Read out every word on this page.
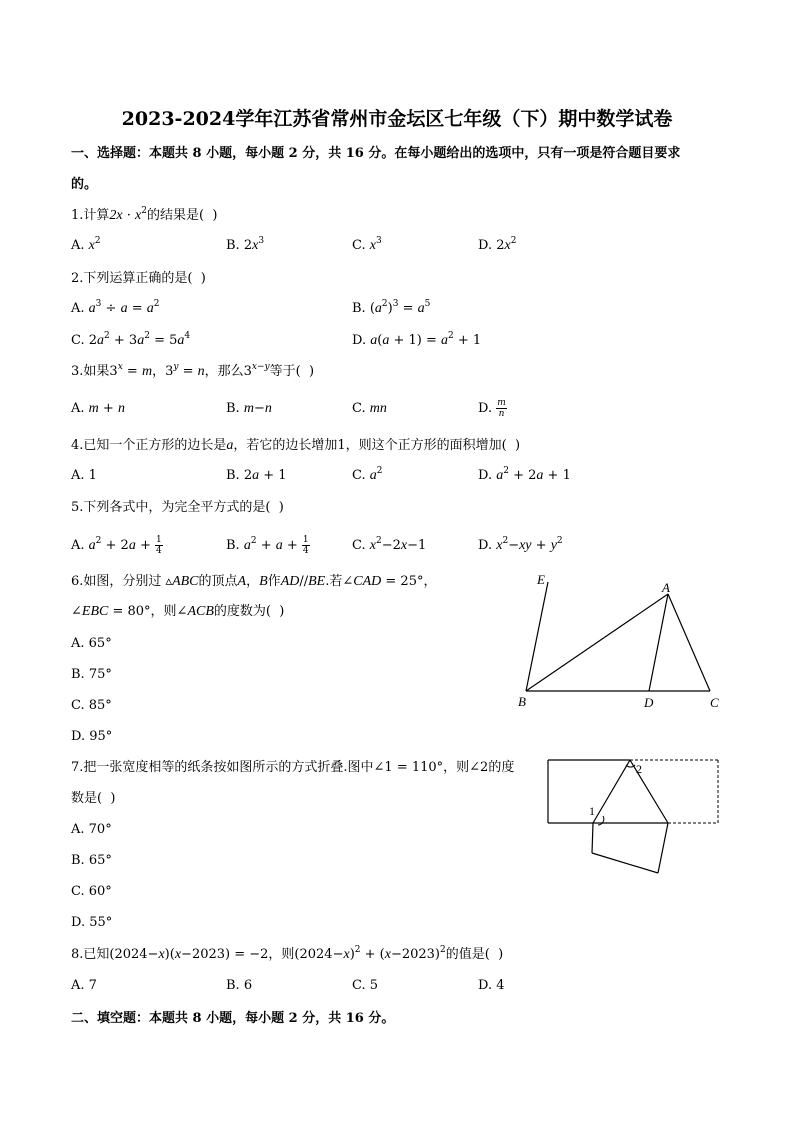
2023-2024学年江苏省常州市金坛区七年级（下）期中数学试卷
一、选择题：本题共 8 小题，每小题 2 分，共 16 分。在每小题给出的选项中，只有一项是符合题目要求
的。
1.计算$2x \cdot x^2$的结果是(  )
A. $x^2$	B. $2x^3$	C. $x^3$	D. $2x^2$
2.下列运算正确的是(  )
A. $a^3 \div a = a^2$	B. $(a^2)^3 = a^5$
C. $2a^2 + 3a^2 = 5a^4$	D. $a(a + 1) = a^2 + 1$
3.如果$3^x = m$，$3^y = n$，那么$3^{x-y}$等于(  )
A. m + n	B. m−n	C. mn	D. $\frac{m}{n}$
4.已知一个正方形的边长是a，若它的边长增加1，则这个正方形的面积增加(  )
A. 1	B. 2a + 1	C. $a^2$	D. $a^2 + 2a + 1$
5.下列各式中，为完全平方式的是(  )
A. $a^2 + 2a + \frac{1}{4}$	B. $a^2 + a + \frac{1}{4}$	C. $x^2-2x-1$	D. $x^2-xy + y^2$
6.如图，分别过 ▵ABC的顶点A，B作AD//BE.若∠CAD = 25°，
∠EBC = 80°，则∠ACB的度数为(  )
A. 65°
B. 75°
C. 85°
D. 95°
E
A
B	D	C
7.把一张宽度相等的纸条按如图所示的方式折叠.图中∠1 = 110°，则∠2的度
数是(  )
A. 70°
B. 65°
C. 60°
D. 55°
1
2
8.已知(2024−x)(x−2023) = −2，则$(2024-x)^2 + (x-2023)^2$的值是(  )
A. 7	B. 6	C. 5	D. 4
二、填空题：本题共 8 小题，每小题 2 分，共 16 分。
